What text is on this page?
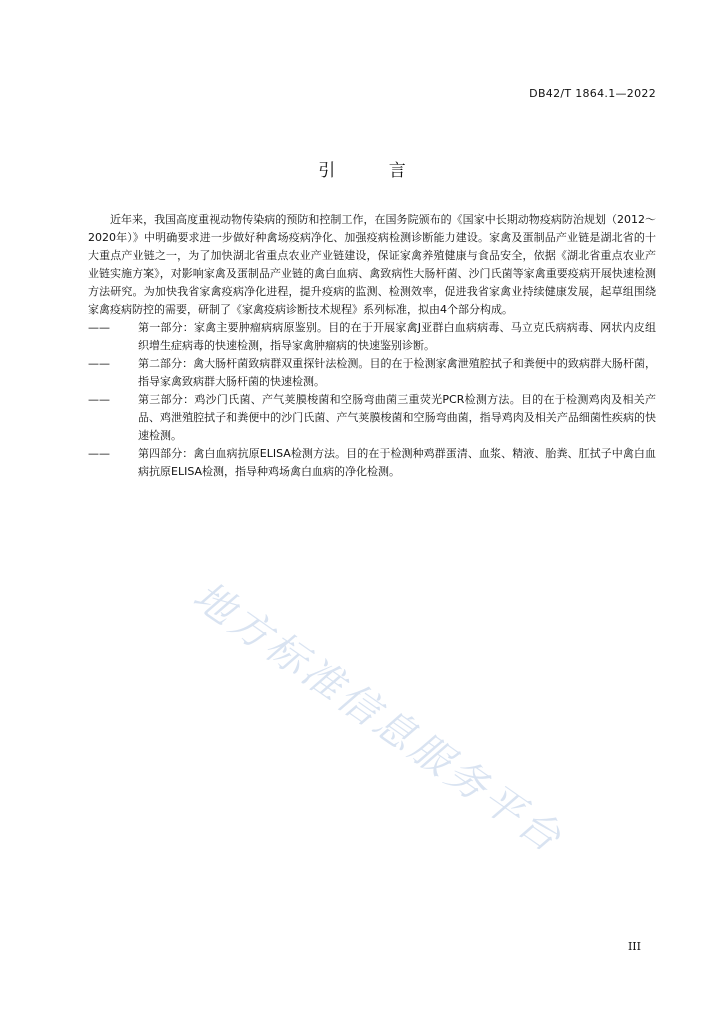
DB42/T 1864.1—2022
引 言

近年来，我国高度重视动物传染病的预防和控制工作，在国务院颁布的《国家中长期动物疫病防治规划（2012～2020年）》中明确要求进一步做好种禽场疫病净化、加强疫病检测诊断能力建设。家禽及蛋制品产业链是湖北省的十大重点产业链之一，为了加快湖北省重点农业产业链建设，保证家禽养殖健康与食品安全，依据《湖北省重点农业产业链实施方案》，对影响家禽及蛋制品产业链的禽白血病、禽致病性大肠杆菌、沙门氏菌等家禽重要疫病开展快速检测方法研究。为加快我省家禽疫病净化进程，提升疫病的监测、检测效率，促进我省家禽业持续健康发展，起草组围绕家禽疫病防控的需要，研制了《家禽疫病诊断技术规程》系列标准，拟由4个部分构成。

——	第一部分：家禽主要肿瘤病病原鉴别。目的在于开展家禽J亚群白血病病毒、马立克氏病病毒、网状内皮组织增生症病毒的快速检测，指导家禽肿瘤病的快速鉴别诊断。
——	第二部分：禽大肠杆菌致病群双重探针法检测。目的在于检测家禽泄殖腔拭子和粪便中的致病群大肠杆菌，指导家禽致病群大肠杆菌的快速检测。
——	第三部分：鸡沙门氏菌、产气荚膜梭菌和空肠弯曲菌三重荧光PCR检测方法。目的在于检测鸡肉及相关产品、鸡泄殖腔拭子和粪便中的沙门氏菌、产气荚膜梭菌和空肠弯曲菌，指导鸡肉及相关产品细菌性疾病的快速检测。
——	第四部分：禽白血病抗原ELISA检测方法。目的在于检测种鸡群蛋清、血浆、精液、胎粪、肛拭子中禽白血病抗原ELISA检测，指导种鸡场禽白血病的净化检测。
地方标准信息服务平台
III
